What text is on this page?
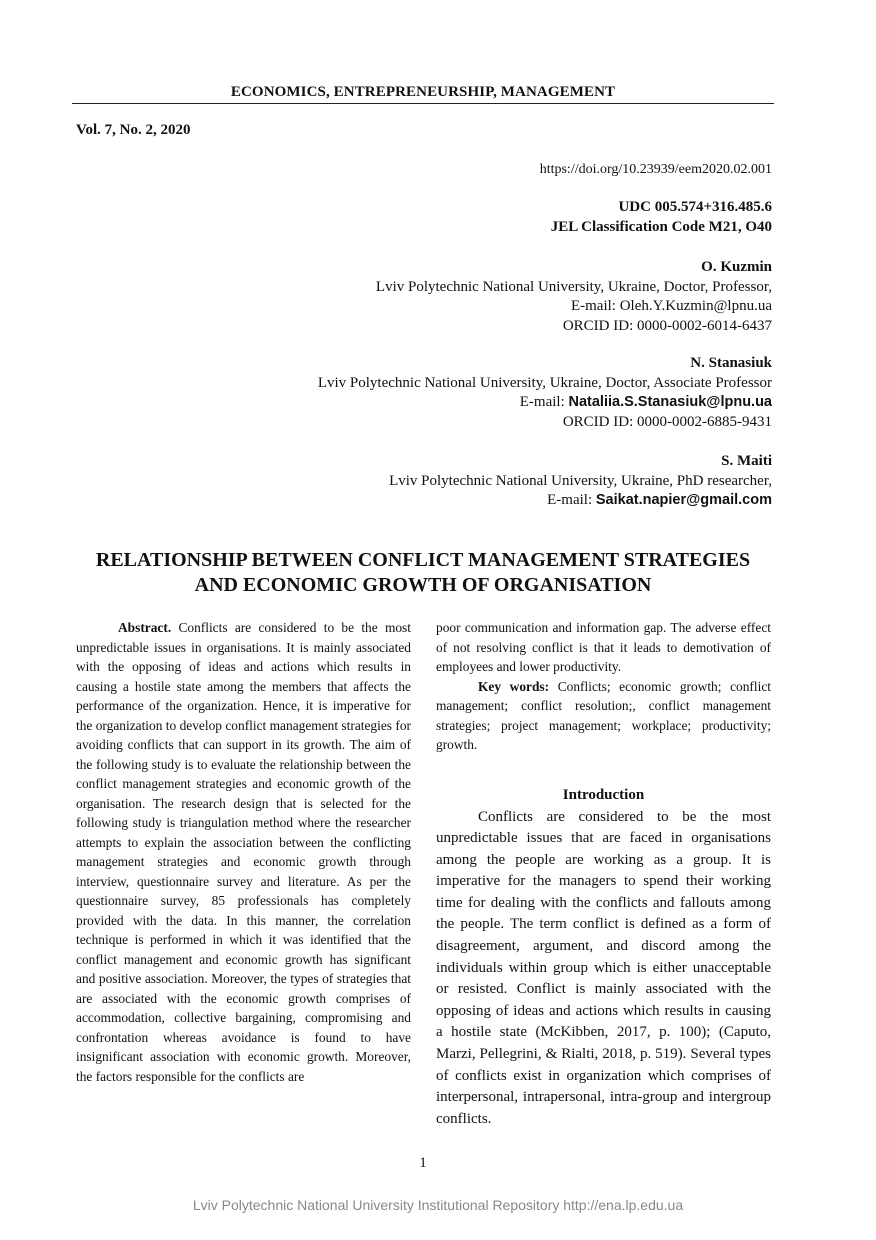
ECONOMICS, ENTREPRENEURSHIP, MANAGEMENT
Vol. 7, No. 2, 2020
https://doi.org/10.23939/eem2020.02.001
UDC 005.574+316.485.6
JEL Classification Code M21, O40
O. Kuzmin
Lviv Polytechnic National University, Ukraine, Doctor, Professor,
E-mail: Oleh.Y.Kuzmin@lpnu.ua
ORCID ID: 0000-0002-6014-6437
N. Stanasiuk
Lviv Polytechnic National University, Ukraine, Doctor, Associate Professor
E-mail: Nataliia.S.Stanasiuk@lpnu.ua
ORCID ID: 0000-0002-6885-9431
S. Maiti
Lviv Polytechnic National University, Ukraine, PhD researcher,
E-mail: Saikat.napier@gmail.com
RELATIONSHIP BETWEEN CONFLICT MANAGEMENT STRATEGIES
AND ECONOMIC GROWTH OF ORGANISATION

Abstract. Conflicts are considered to be the most unpredictable issues in organisations. It is mainly associated with the opposing of ideas and actions which results in causing a hostile state among the members that affects the performance of the organization. Hence, it is imperative for the organization to develop conflict management strategies for avoiding conflicts that can support in its growth. The aim of the following study is to evaluate the relationship between the conflict management strategies and economic growth of the organisation. The research design that is selected for the following study is triangulation method where the researcher attempts to explain the association between the conflicting management strategies and economic growth through interview, questionnaire survey and literature. As per the questionnaire survey, 85 professionals has completely provided with the data. In this manner, the correlation technique is performed in which it was identified that the conflict management and economic growth has significant and positive association. Moreover, the types of strategies that are associated with the economic growth comprises of accommodation, collective bargaining, compromising and confrontation whereas avoidance is found to have insignificant association with economic growth. Moreover, the factors responsible for the conflicts are

poor communication and information gap. The adverse effect of not resolving conflict is that it leads to demotivation of employees and lower productivity.

Key words: Conflicts; economic growth; conflict management; conflict resolution;, conflict management strategies; project management; workplace; productivity; growth.

Introduction

Conflicts are considered to be the most unpredictable issues that are faced in organisations among the people are working as a group. It is imperative for the managers to spend their working time for dealing with the conflicts and fallouts among the people. The term conflict is defined as a form of disagreement, argument, and discord among the individuals within group which is either unacceptable or resisted. Conflict is mainly associated with the opposing of ideas and actions which results in causing a hostile state (McKibben, 2017, p. 100); (Caputo, Marzi, Pellegrini, & Rialti, 2018, p. 519). Several types of conflicts exist in organization which comprises of interpersonal, intrapersonal, intra-group and intergroup conflicts.

1
Lviv Polytechnic National University Institutional Repository http://ena.lp.edu.ua
